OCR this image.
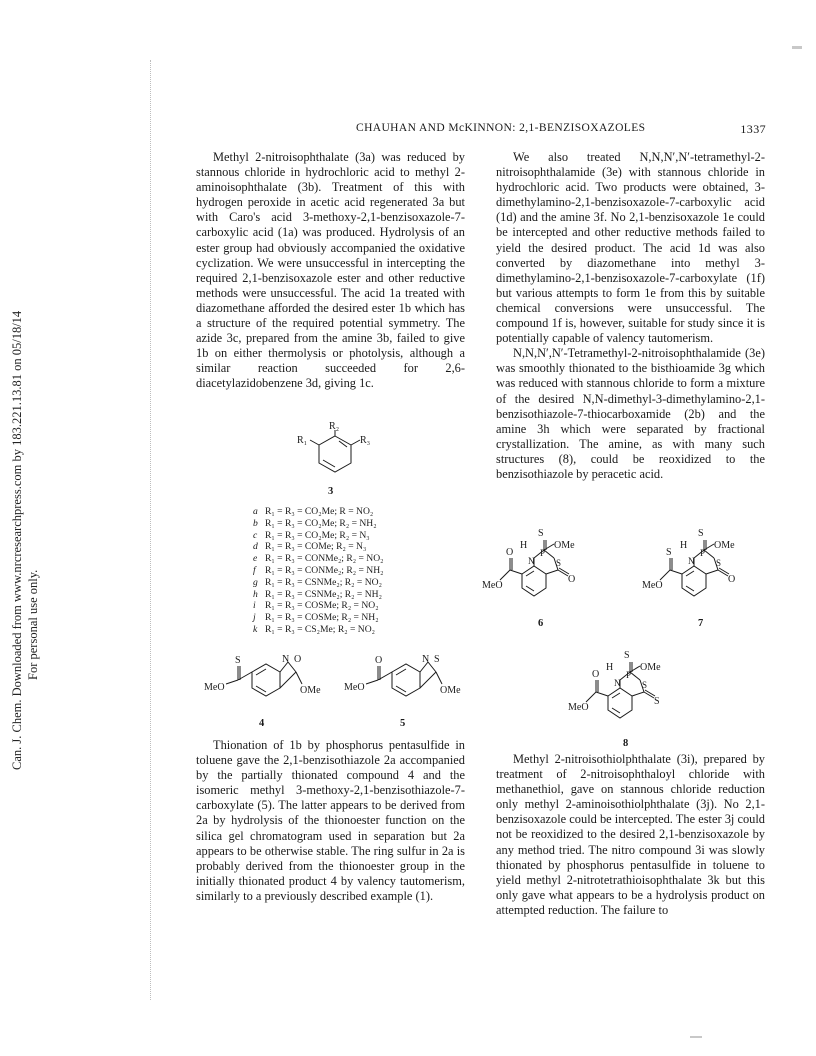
Can. J. Chem. Downloaded from www.nrcresearchpress.com by 183.221.13.81 on 05/18/14 For personal use only.
CHAUHAN AND McKINNON: 2,1-BENZISOXAZOLES	1337

Methyl 2-nitroisophthalate (3a) was reduced by stannous chloride in hydrochloric acid to methyl 2-aminoisophthalate (3b). Treatment of this with hydrogen peroxide in acetic acid regenerated 3a but with Caro's acid 3-methoxy-2,1-benzisoxazole-7-carboxylic acid (1a) was produced. Hydrolysis of an ester group had obviously accompanied the oxidative cyclization. We were unsuccessful in intercepting the required 2,1-benzisoxazole ester and other reductive methods were unsuccessful. The acid 1a treated with diazomethane afforded the desired ester 1b which has a structure of the required potential symmetry. The azide 3c, prepared from the amine 3b, failed to give 1b on either thermolysis or photolysis, although a similar reaction succeeded for 2,6-diacetylazidobenzene 3d, giving 1c.

Thionation of 1b by phosphorus pentasulfide in toluene gave the 2,1-benzisothiazole 2a accompanied by the partially thionated compound 4 and the isomeric methyl 3-methoxy-2,1-benzisothiazole-7-carboxylate (5). The latter appears to be derived from 2a by hydrolysis of the thionoester function on the silica gel chromatogram used in separation but 2a appears to be otherwise stable. The ring sulfur in 2a is probably derived from the thionoester group in the initially thionated product 4 by valency tautomerism, similarly to a previously described example (1).

We also treated N,N,N′,N′-tetramethyl-2-nitroisophthalamide (3e) with stannous chloride in hydrochloric acid. Two products were obtained, 3-dimethylamino-2,1-benzisoxazole-7-carboxylic acid (1d) and the amine 3f. No 2,1-benzisoxazole 1e could be intercepted and other reductive methods failed to yield the desired product. The acid 1d was also converted by diazomethane into methyl 3-dimethylamino-2,1-benzisoxazole-7-carboxylate (1f) but various attempts to form 1e from this by suitable chemical conversions were unsuccessful. The compound 1f is, however, suitable for study since it is potentially capable of valency tautomerism.

N,N,N′,N′-Tetramethyl-2-nitroisophthalamide (3e) was smoothly thionated to the bisthioamide 3g which was reduced with stannous chloride to form a mixture of the desired N,N-dimethyl-3-dimethylamino-2,1-benzisothiazole-7-thiocarboxamide (2b) and the amine 3h which were separated by fractional crystallization. The amine, as with many such structures (8), could be reoxidized to the benzisothiazole by peracetic acid.

Methyl 2-nitroisothiolphthalate (3i), prepared by treatment of 2-nitroisophthaloyl chloride with methanethiol, gave on stannous chloride reduction only methyl 2-aminoisothiolphthalate (3j). No 2,1-benzisoxazole could be intercepted. The ester 3j could not be reoxidized to the desired 2,1-benzisoxazole by any method tried. The nitro compound 3i was slowly thionated by phosphorus pentasulfide in toluene to yield methyl 2-nitrotetrathioisophthalate 3k but this only gave what appears to be a hydrolysis product on attempted reduction. The failure to

R₂
R₁	R₃
3
a R₁ = R₃ = CO₂Me; R = NO₂
b R₁ = R₃ = CO₂Me; R₂ = NH₂
c R₁ = R₃ = CO₂Me; R₂ = N₃
d R₁ = R₃ = COMe; R₂ = N₃
e R₁ = R₃ = CONMe₂; R₂ = NO₂
f R₁ = R₃ = CONMe₂; R₂ = NH₂
g R₁ = R₃ = CSNMe₂; R₂ = NO₂
h R₁ = R₃ = CSNMe₂; R₂ = NH₂
i R₁ = R₃ = COSMe; R₂ = NO₂
j R₁ = R₃ = COSMe; R₂ = NH₂
k R₁ = R₃ = CS₂Me; R₂ = NO₂
S
MeO
N O
OMe
4
O
MeO
N S
OMe
5
S
H
P
OMe
N S
O
O
MeO
6
S
H
P
OMe
N S
O
S
MeO
7
S
H
P
OMe
N S
S
O
MeO
8
